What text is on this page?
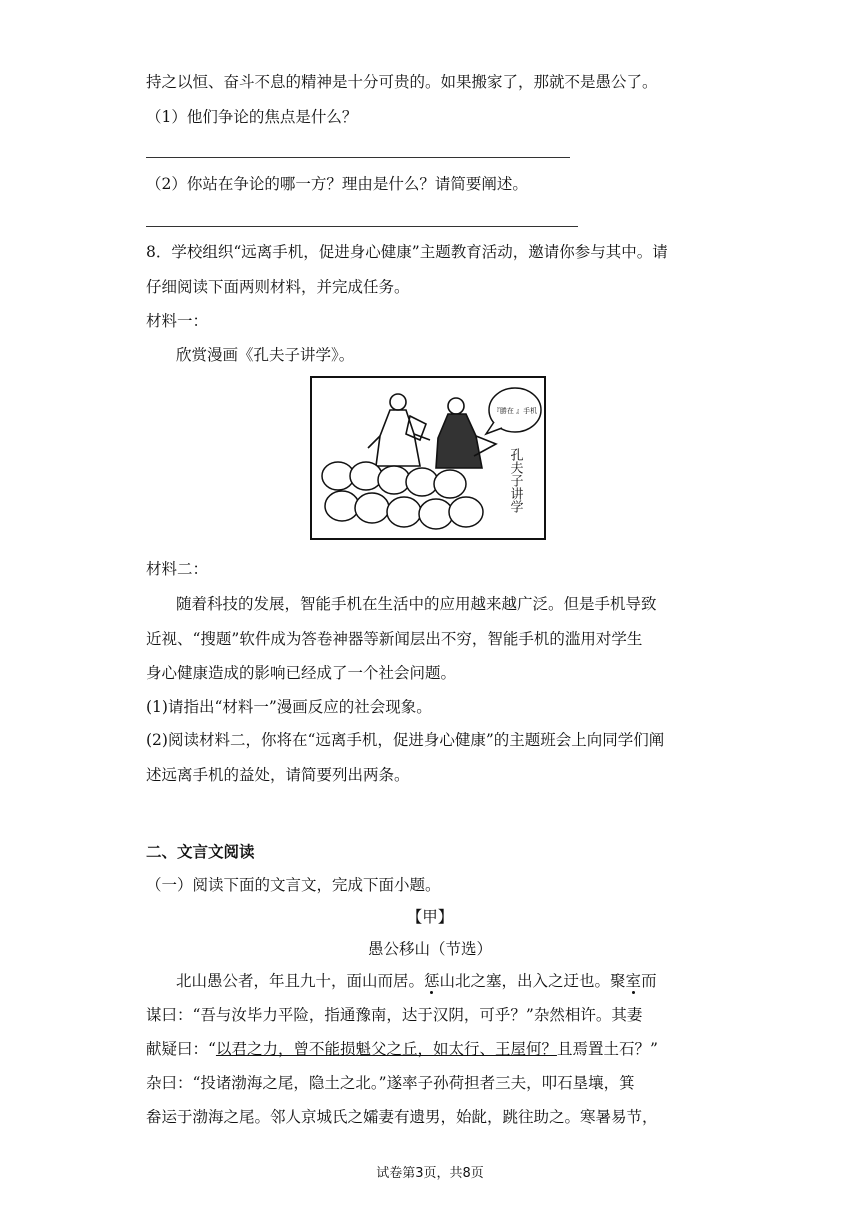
持之以恒、奋斗不息的精神是十分可贵的。如果搬家了，那就不是愚公了。
（1）他们争论的焦点是什么？
（2）你站在争论的哪一方？理由是什么？请简要阐述。
8．学校组织“远离手机，促进身心健康”主题教育活动，邀请你参与其中。请
仔细阅读下面两则材料，并完成任务。
材料一：
欣赏漫画《孔夫子讲学》。
『勝在 』手机
孔夫子讲学
材料二：
随着科技的发展，智能手机在生活中的应用越来越广泛。但是手机导致
近视、“搜题”软件成为答卷神器等新闻层出不穷，智能手机的滥用对学生
身心健康造成的影响已经成了一个社会问题。
(1)请指出“材料一”漫画反应的社会现象。
(2)阅读材料二，你将在“远离手机，促进身心健康”的主题班会上向同学们阐
述远离手机的益处，请简要列出两条。
二、文言文阅读
（一）阅读下面的文言文，完成下面小题。
【甲】
愚公移山（节选）
北山愚公者，年且九十，面山而居。惩山北之塞，出入之迂也。聚室而
谋曰：“吾与汝毕力平险，指通豫南，达于汉阴，可乎？”杂然相许。其妻
献疑曰：“以君之力，曾不能损魁父之丘，如太行、王屋何？且焉置土石？”
杂曰：“投诸渤海之尾，隐土之北。”遂率子孙荷担者三夫，叩石垦壤，箕
畚运于渤海之尾。邻人京城氏之孀妻有遗男，始龀，跳往助之。寒暑易节，
试卷第3页，共8页
